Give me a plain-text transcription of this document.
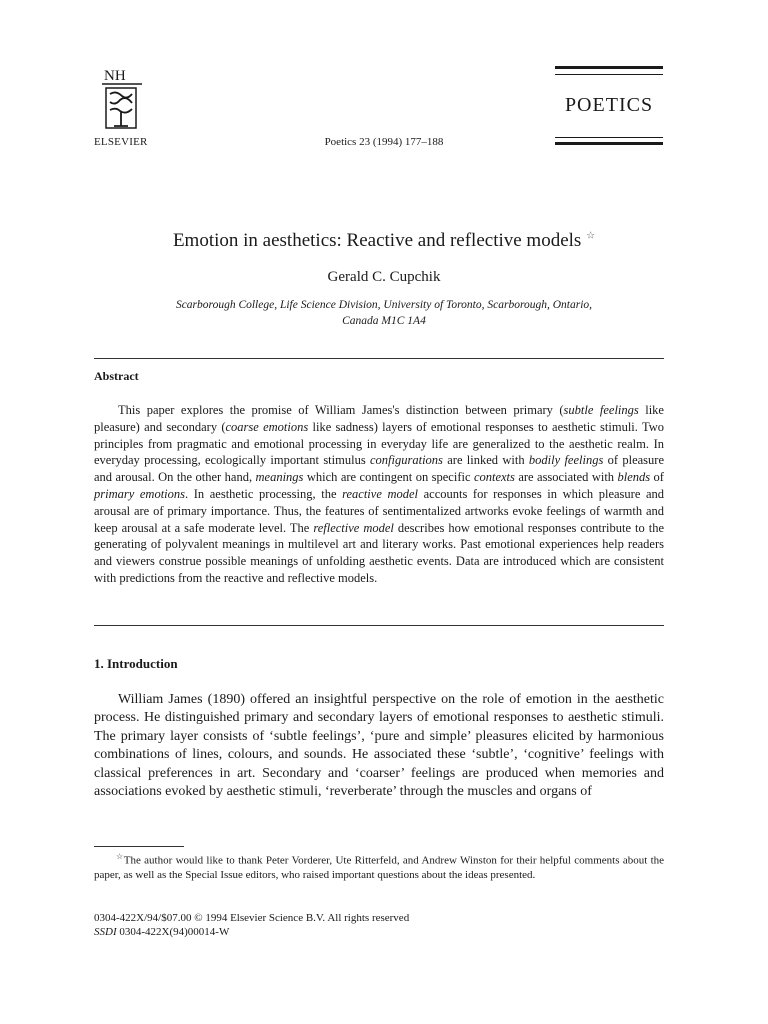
NH
ELSEVIER	Poetics 23 (1994) 177–188
POETICS
Emotion in aesthetics: Reactive and reflective models ☆
Gerald C. Cupchik
Scarborough College, Life Science Division, University of Toronto, Scarborough, Ontario,
Canada M1C 1A4
Abstract
This paper explores the promise of William James's distinction between primary (subtle feelings like pleasure) and secondary (coarse emotions like sadness) layers of emotional responses to aesthetic stimuli. Two principles from pragmatic and emotional processing in everyday life are generalized to the aesthetic realm. In everyday processing, ecologically important stimulus configurations are linked with bodily feelings of pleasure and arousal. On the other hand, meanings which are contingent on specific contexts are associated with blends of primary emotions. In aesthetic processing, the reactive model accounts for responses in which pleasure and arousal are of primary importance. Thus, the features of sentimentalized artworks evoke feelings of warmth and keep arousal at a safe moderate level. The reflective model describes how emotional responses contribute to the generating of polyvalent meanings in multilevel art and literary works. Past emotional experiences help readers and viewers construe possible meanings of unfolding aesthetic events. Data are introduced which are consistent with predictions from the reactive and reflective models.
1. Introduction
William James (1890) offered an insightful perspective on the role of emotion in the aesthetic process. He distinguished primary and secondary layers of emotional responses to aesthetic stimuli. The primary layer consists of ‘subtle feelings’, ‘pure and simple’ pleasures elicited by harmonious combinations of lines, colours, and sounds. He associated these ‘subtle’, ‘cognitive’ feelings with classical preferences in art. Secondary and ‘coarser’ feelings are produced when memories and associations evoked by aesthetic stimuli, ‘reverberate’ through the muscles and organs of
☆The author would like to thank Peter Vorderer, Ute Ritterfeld, and Andrew Winston for their helpful comments about the paper, as well as the Special Issue editors, who raised important questions about the ideas presented.
0304-422X/94/$07.00 © 1994 Elsevier Science B.V. All rights reserved
SSDI 0304-422X(94)00014-W
